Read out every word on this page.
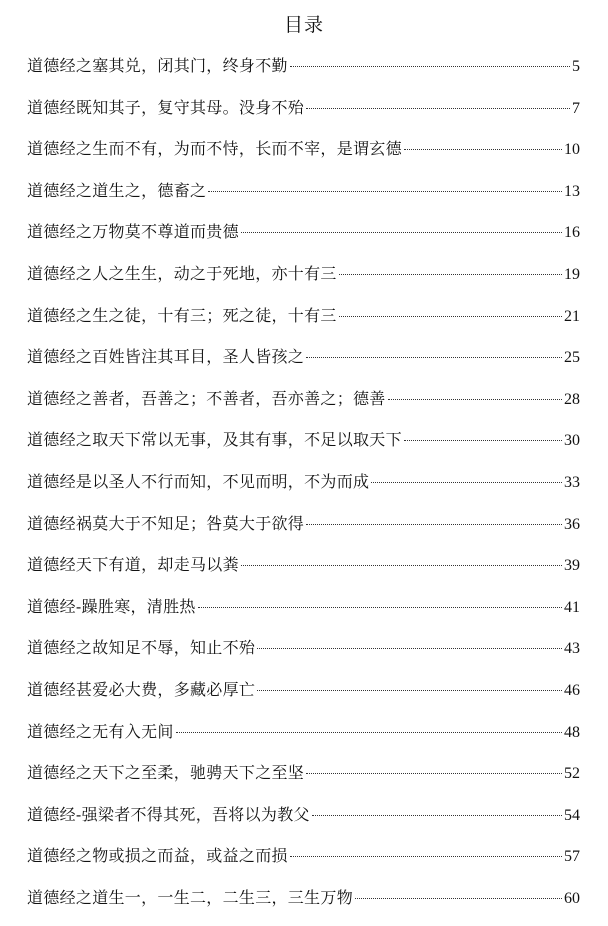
目录
道德经之塞其兑，闭其门，终身不勤	5
道德经既知其子，复守其母。没身不殆	7
道德经之生而不有，为而不恃，长而不宰，是谓玄德	10
道德经之道生之，德畜之	13
道德经之万物莫不尊道而贵德	16
道德经之人之生生，动之于死地，亦十有三	19
道德经之生之徒，十有三；死之徒，十有三	21
道德经之百姓皆注其耳目，圣人皆孩之	25
道德经之善者，吾善之；不善者，吾亦善之；德善	28
道德经之取天下常以无事，及其有事，不足以取天下	30
道德经是以圣人不行而知，不见而明，不为而成	33
道德经祸莫大于不知足；咎莫大于欲得	36
道德经天下有道，却走马以粪	39
道德经-躁胜寒，清胜热	41
道德经之故知足不辱，知止不殆	43
道德经甚爱必大费，多藏必厚亡	46
道德经之无有入无间	48
道德经之天下之至柔，驰骋天下之至坚	52
道德经-强梁者不得其死，吾将以为教父	54
道德经之物或损之而益，或益之而损	57
道德经之道生一，一生二，二生三，三生万物	60
